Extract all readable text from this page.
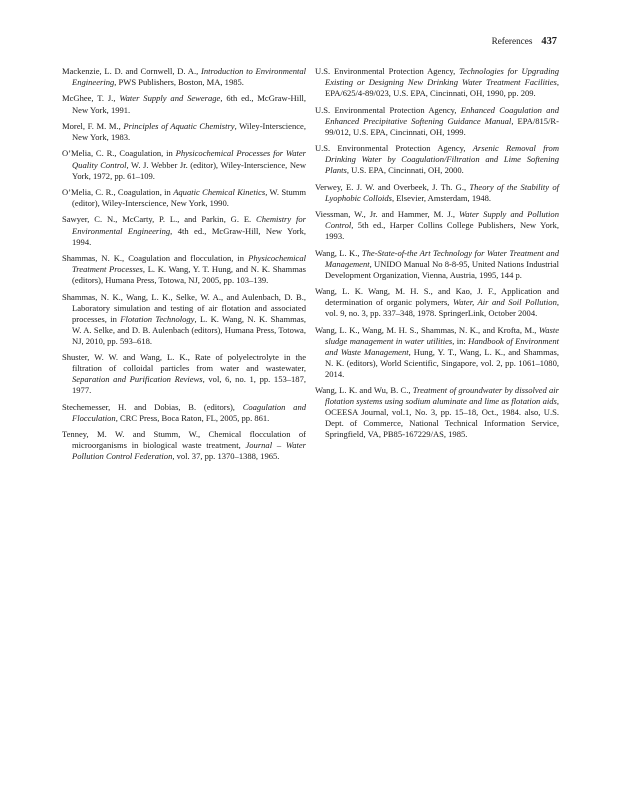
References 437

Mackenzie, L. D. and Cornwell, D. A., Introduction to Environmental Engineering, PWS Publishers, Boston, MA, 1985.

McGhee, T. J., Water Supply and Sewerage, 6th ed., McGraw-Hill, New York, 1991.

Morel, F. M. M., Principles of Aquatic Chemistry, Wiley-Interscience, New York, 1983.

O’Melia, C. R., Coagulation, in Physicochemical Processes for Water Quality Control, W. J. Webber Jr. (editor), Wiley-Interscience, New York, 1972, pp. 61–109.

O’Melia, C. R., Coagulation, in Aquatic Chemical Kinetics, W. Stumm (editor), Wiley-Interscience, New York, 1990.

Sawyer, C. N., McCarty, P. L., and Parkin, G. E. Chemistry for Environmental Engineering, 4th ed., McGraw-Hill, New York, 1994.

Shammas, N. K., Coagulation and flocculation, in Physicochemical Treatment Processes, L. K. Wang, Y. T. Hung, and N. K. Shammas (editors), Humana Press, Totowa, NJ, 2005, pp. 103–139.

Shammas, N. K., Wang, L. K., Selke, W. A., and Aulenbach, D. B., Laboratory simulation and testing of air flotation and associated processes, in Flotation Technology, L. K. Wang, N. K. Shammas, W. A. Selke, and D. B. Aulenbach (editors), Humana Press, Totowa, NJ, 2010, pp. 593–618.

Shuster, W. W. and Wang, L. K., Rate of polyelectrolyte in the filtration of colloidal particles from water and wastewater, Separation and Purification Reviews, vol, 6, no. 1, pp. 153–187, 1977.

Stechemesser, H. and Dobias, B. (editors), Coagulation and Flocculation, CRC Press, Boca Raton, FL, 2005, pp. 861.

Tenney, M. W. and Stumm, W., Chemical flocculation of microorganisms in biological waste treatment, Journal – Water Pollution Control Federation, vol. 37, pp. 1370–1388, 1965.

U.S. Environmental Protection Agency, Technologies for Upgrading Existing or Designing New Drinking Water Treatment Facilities, EPA/625/4-89/023, U.S. EPA, Cincinnati, OH, 1990, pp. 209.

U.S. Environmental Protection Agency, Enhanced Coagulation and Enhanced Precipitative Softening Guidance Manual, EPA/815/R-99/012, U.S. EPA, Cincinnati, OH, 1999.

U.S. Environmental Protection Agency, Arsenic Removal from Drinking Water by Coagulation/Filtration and Lime Softening Plants, U.S. EPA, Cincinnati, OH, 2000.

Verwey, E. J. W. and Overbeek, J. Th. G., Theory of the Stability of Lyophobic Colloids, Elsevier, Amsterdam, 1948.

Viessman, W., Jr. and Hammer, M. J., Water Supply and Pollution Control, 5th ed., Harper Collins College Publishers, New York, 1993.

Wang, L. K., The-State-of-the Art Technology for Water Treatment and Management, UNIDO Manual No 8-8-95, United Nations Industrial Development Organization, Vienna, Austria, 1995, 144 p.

Wang, L. K. Wang, M. H. S., and Kao, J. F., Application and determination of organic polymers, Water, Air and Soil Pollution, vol. 9, no. 3, pp. 337–348, 1978. SpringerLink, October 2004.

Wang, L. K., Wang, M. H. S., Shammas, N. K., and Krofta, M., Waste sludge management in water utilities, in: Handbook of Environment and Waste Management, Hung, Y. T., Wang, L. K., and Shammas, N. K. (editors), World Scientific, Singapore, vol. 2, pp. 1061–1080, 2014.

Wang, L. K. and Wu, B. C., Treatment of groundwater by dissolved air flotation systems using sodium aluminate and lime as flotation aids, OCEESA Journal, vol.1, No. 3, pp. 15–18, Oct., 1984. also, U.S. Dept. of Commerce, National Technical Information Service, Springfield, VA, PB85-167229/AS, 1985.
